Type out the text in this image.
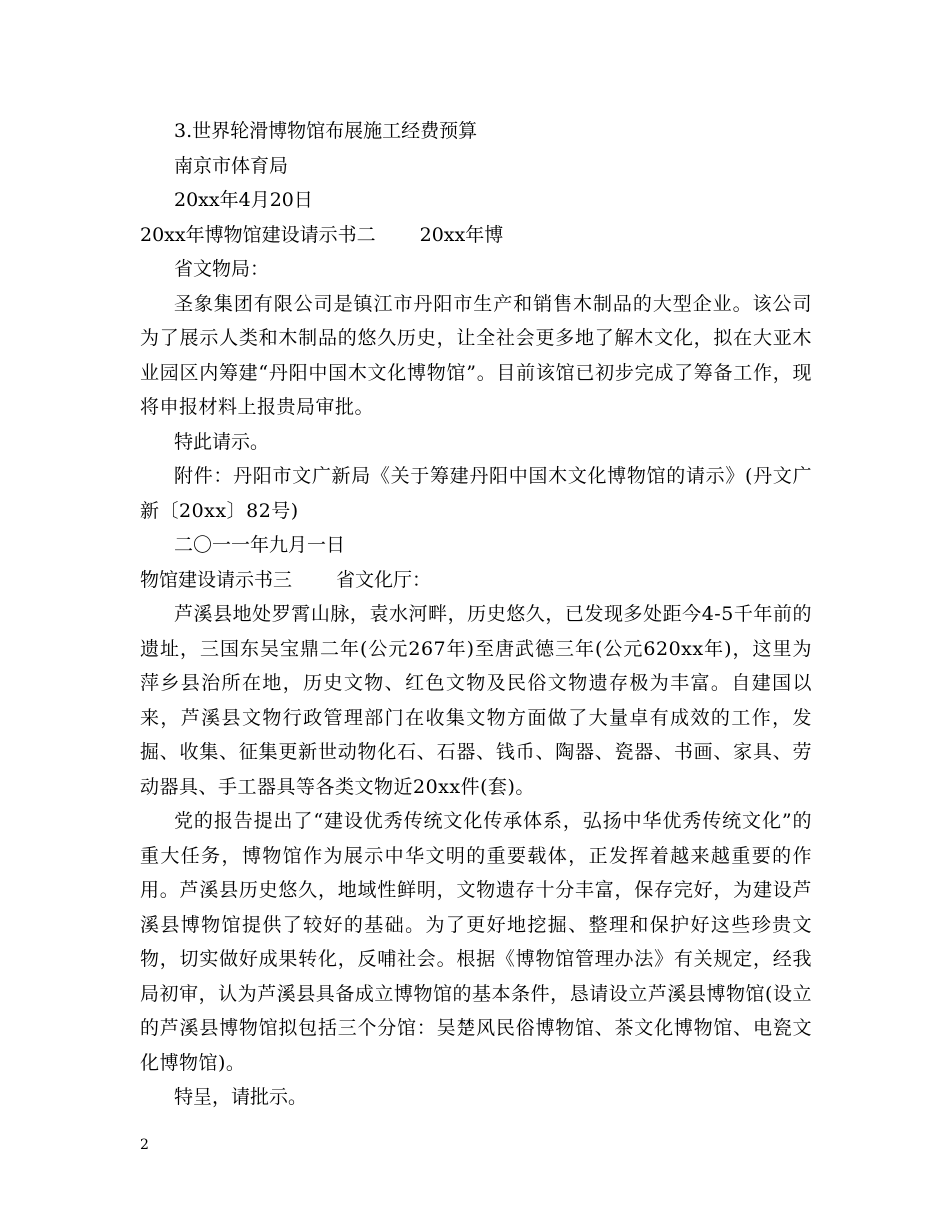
3.世界轮滑博物馆布展施工经费预算
南京市体育局
20xx年4月20日
20xx年博物馆建设请示书二 20xx年博
省文物局：
圣象集团有限公司是镇江市丹阳市生产和销售木制品的大型企业。该公司为了展示人类和木制品的悠久历史，让全社会更多地了解木文化，拟在大亚木业园区内筹建“丹阳中国木文化博物馆”。目前该馆已初步完成了筹备工作，现将申报材料上报贵局审批。
特此请示。
附件：丹阳市文广新局《关于筹建丹阳中国木文化博物馆的请示》(丹文广新〔20xx〕82号)
二〇一一年九月一日
物馆建设请示书三 省文化厅：
芦溪县地处罗霄山脉，袁水河畔，历史悠久，已发现多处距今4-5千年前的遗址，三国东吴宝鼎二年(公元267年)至唐武德三年(公元620xx年)，这里为萍乡县治所在地，历史文物、红色文物及民俗文物遗存极为丰富。自建国以来，芦溪县文物行政管理部门在收集文物方面做了大量卓有成效的工作，发掘、收集、征集更新世动物化石、石器、钱币、陶器、瓷器、书画、家具、劳动器具、手工器具等各类文物近20xx件(套)。
党的报告提出了“建设优秀传统文化传承体系，弘扬中华优秀传统文化”的重大任务，博物馆作为展示中华文明的重要载体，正发挥着越来越重要的作用。芦溪县历史悠久，地域性鲜明，文物遗存十分丰富，保存完好，为建设芦溪县博物馆提供了较好的基础。为了更好地挖掘、整理和保护好这些珍贵文物，切实做好成果转化，反哺社会。根据《博物馆管理办法》有关规定，经我局初审，认为芦溪县具备成立博物馆的基本条件，恳请设立芦溪县博物馆(设立的芦溪县博物馆拟包括三个分馆：吴楚风民俗博物馆、茶文化博物馆、电瓷文化博物馆)。
特呈，请批示。
2
